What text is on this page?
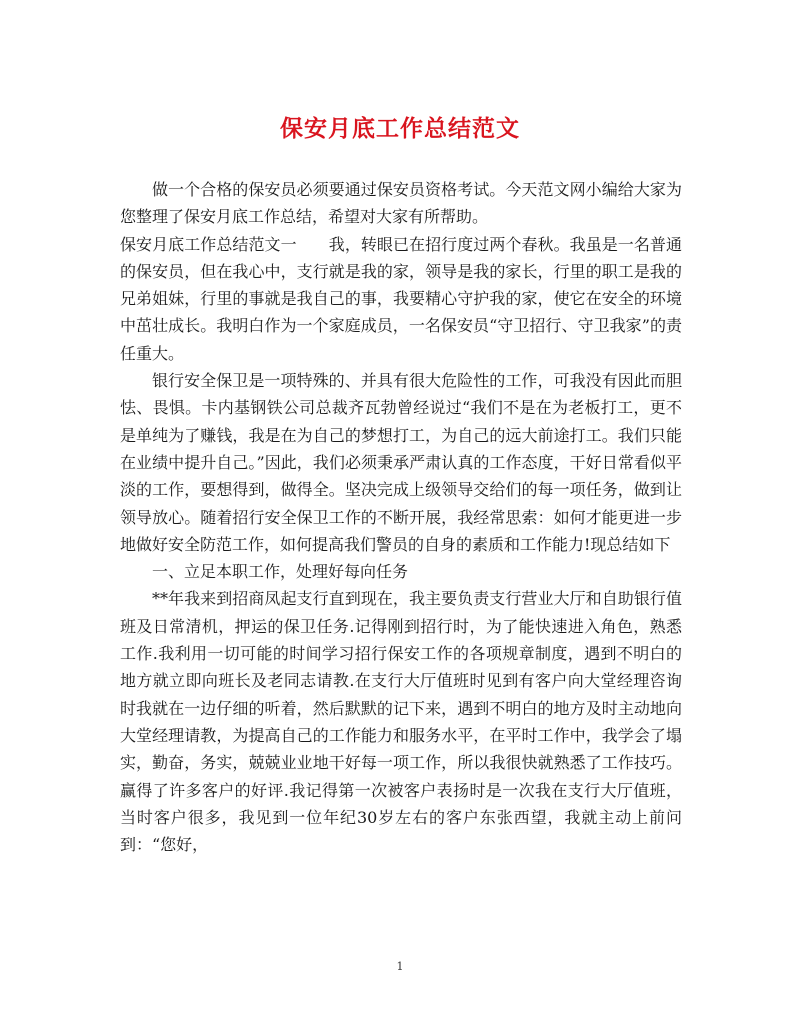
保安月底工作总结范文

做一个合格的保安员必须要通过保安员资格考试。今天范文网小编给大家为您整理了保安月底工作总结，希望对大家有所帮助。

保安月底工作总结范文一　　我，转眼已在招行度过两个春秋。我虽是一名普通的保安员，但在我心中，支行就是我的家，领导是我的家长，行里的职工是我的兄弟姐妹，行里的事就是我自己的事，我要精心守护我的家，使它在安全的环境中茁壮成长。我明白作为一个家庭成员，一名保安员“守卫招行、守卫我家”的责任重大。

银行安全保卫是一项特殊的、并具有很大危险性的工作，可我没有因此而胆怯、畏惧。卡内基钢铁公司总裁齐瓦勃曾经说过“我们不是在为老板打工，更不是单纯为了赚钱，我是在为自己的梦想打工，为自己的远大前途打工。我们只能在业绩中提升自己。”因此，我们必须秉承严肃认真的工作态度，干好日常看似平淡的工作，要想得到，做得全。坚决完成上级领导交给们的每一项任务，做到让领导放心。随着招行安全保卫工作的不断开展，我经常思索：如何才能更进一步地做好安全防范工作，如何提高我们警员的自身的素质和工作能力!现总结如下

一、立足本职工作，处理好每向任务

**年我来到招商凤起支行直到现在，我主要负责支行营业大厅和自助银行值班及日常清机，押运的保卫任务.记得刚到招行时，为了能快速进入角色，熟悉工作.我利用一切可能的时间学习招行保安工作的各项规章制度，遇到不明白的地方就立即向班长及老同志请教.在支行大厅值班时见到有客户向大堂经理咨询时我就在一边仔细的听着，然后默默的记下来，遇到不明白的地方及时主动地向大堂经理请教，为提高自己的工作能力和服务水平，在平时工作中，我学会了塌实，勤奋，务实，兢兢业业地干好每一项工作，所以我很快就熟悉了工作技巧。赢得了许多客户的好评.我记得第一次被客户表扬时是一次我在支行大厅值班，当时客户很多，我见到一位年纪30岁左右的客户东张西望，我就主动上前问到：“您好，

1
